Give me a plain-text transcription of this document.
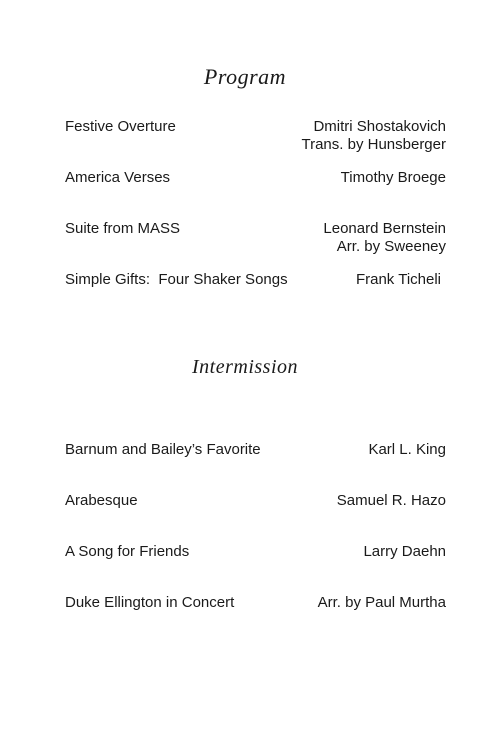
Program
Festive Overture	Dmitri Shostakovich
Trans. by Hunsberger
America Verses	Timothy Broege
Suite from MASS	Leonard Bernstein
Arr. by Sweeney
Simple Gifts:  Four Shaker Songs	Frank Ticheli
Intermission
Barnum and Bailey’s Favorite	Karl L. King
Arabesque	Samuel R. Hazo
A Song for Friends	Larry Daehn
Duke Ellington in Concert	Arr. by Paul Murtha
